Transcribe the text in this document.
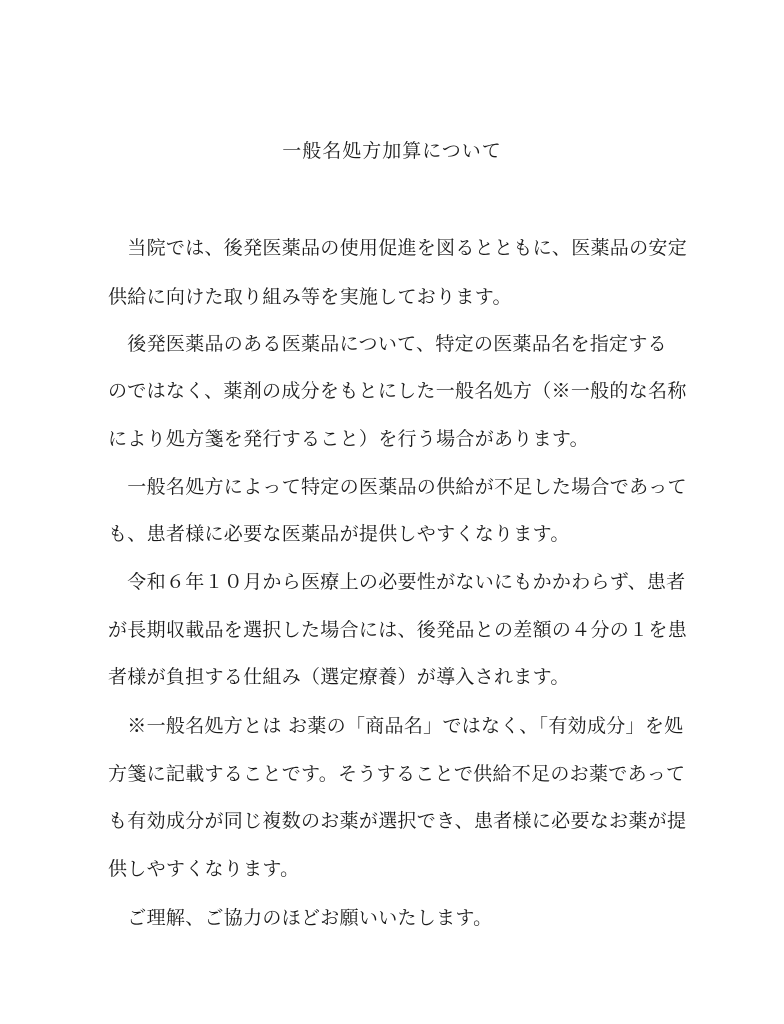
一般名処方加算について
　当院では、後発医薬品の使用促進を図るとともに、医薬品の安定
供給に向けた取り組み等を実施しております。
　後発医薬品のある医薬品について、特定の医薬品名を指定する
のではなく、薬剤の成分をもとにした一般名処方（※一般的な名称
により処方箋を発行すること）を行う場合があります。
　一般名処方によって特定の医薬品の供給が不足した場合であって
も、患者様に必要な医薬品が提供しやすくなります。
　令和６年１０月から医療上の必要性がないにもかかわらず、患者
が長期収載品を選択した場合には、後発品との差額の４分の１を患
者様が負担する仕組み（選定療養）が導入されます。
　※一般名処方とは お薬の「商品名」ではなく、「有効成分」を処
方箋に記載することです。そうすることで供給不足のお薬であって
も有効成分が同じ複数のお薬が選択でき、患者様に必要なお薬が提
供しやすくなります。
　ご理解、ご協力のほどお願いいたします。
